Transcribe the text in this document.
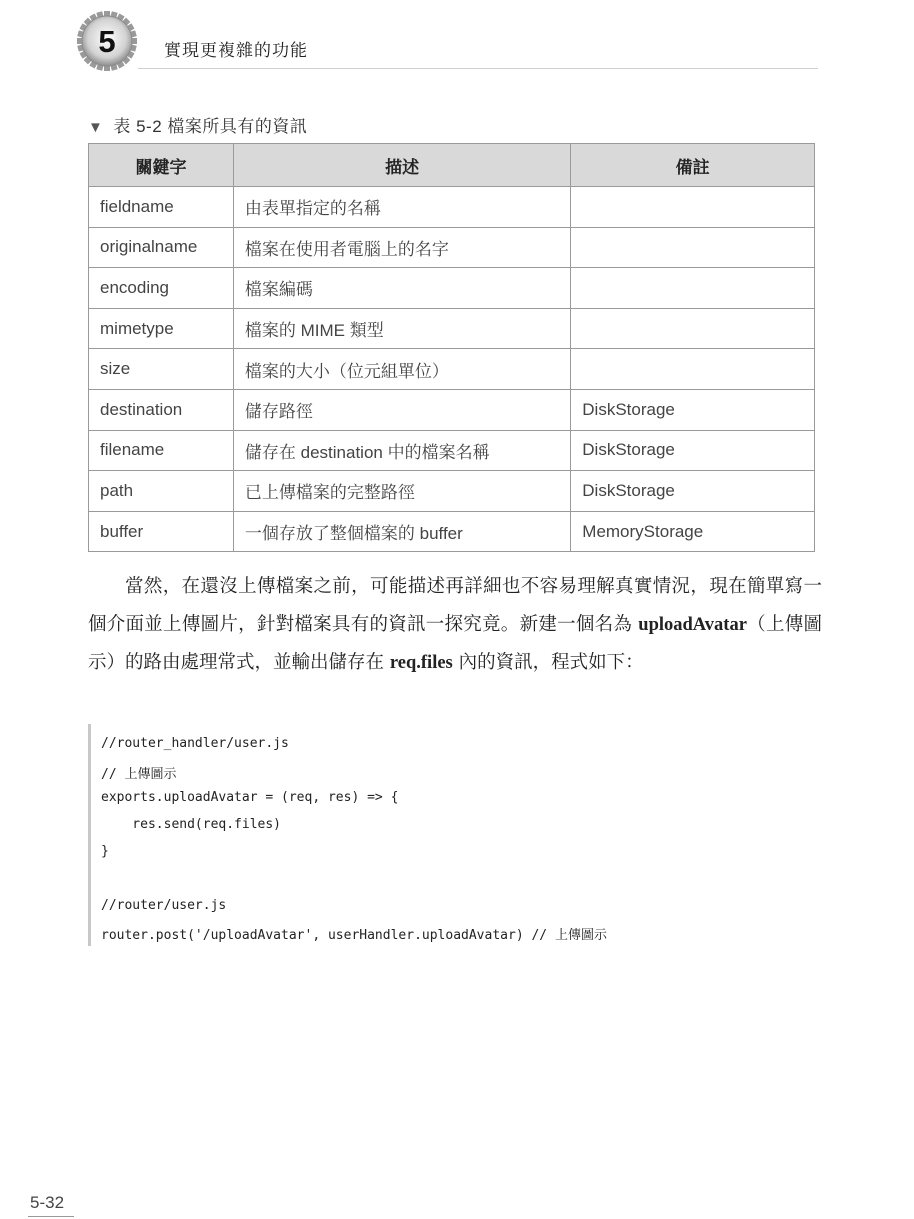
5	實現更複雜的功能
▼ 表 5-2 檔案所具有的資訊
關鍵字	描述	備註
fieldname	由表單指定的名稱	
originalname	檔案在使用者電腦上的名字	
encoding	檔案編碼	
mimetype	檔案的 MIME 類型	
size	檔案的大小（位元組單位）	
destination	儲存路徑	DiskStorage
filename	儲存在 destination 中的檔案名稱	DiskStorage
path	已上傳檔案的完整路徑	DiskStorage
buffer	一個存放了整個檔案的 buffer	MemoryStorage

當然，在還沒上傳檔案之前，可能描述再詳細也不容易理解真實情況，現在簡單寫一個介面並上傳圖片，針對檔案具有的資訊一探究竟。新建一個名為 uploadAvatar（上傳圖示）的路由處理常式，並輸出儲存在 req.files 內的資訊，程式如下：

//router_handler/user.js
// 上傳圖示
exports.uploadAvatar = (req, res) => {
res.send(req.files)
}
//router/user.js
router.post('/uploadAvatar', userHandler.uploadAvatar) // 上傳圖示
5-32
